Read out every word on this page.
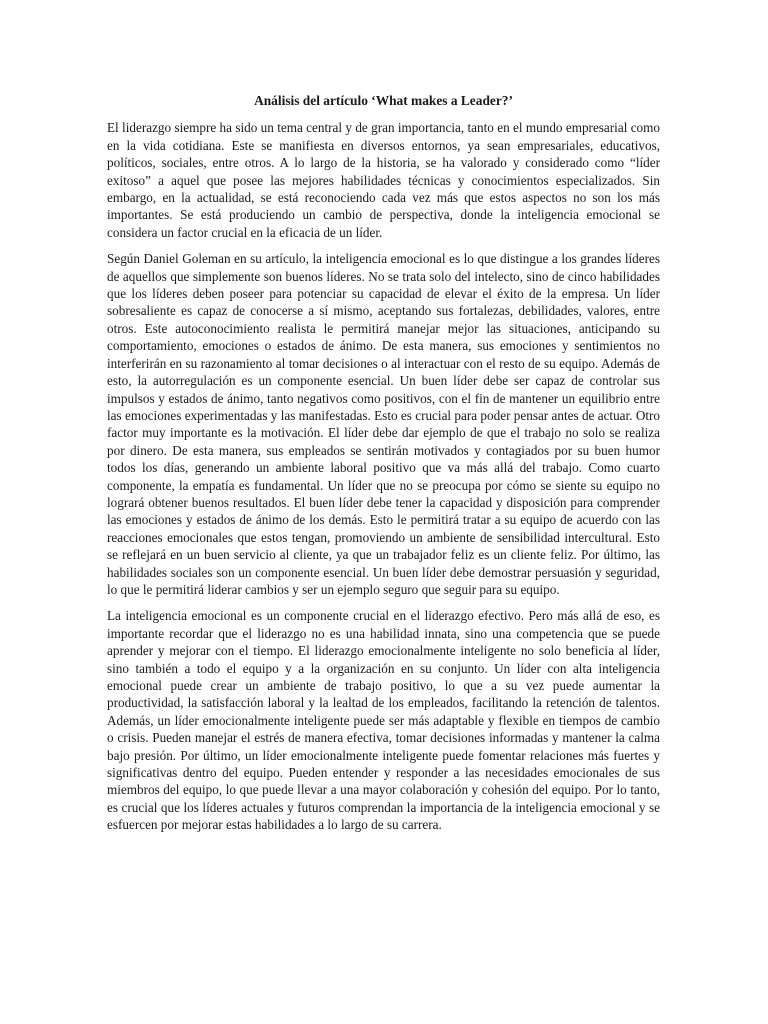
Análisis del artículo ‘What makes a Leader?’

El liderazgo siempre ha sido un tema central y de gran importancia, tanto en el mundo empresarial como en la vida cotidiana. Este se manifiesta en diversos entornos, ya sean empresariales, educativos, políticos, sociales, entre otros. A lo largo de la historia, se ha valorado y considerado como “líder exitoso” a aquel que posee las mejores habilidades técnicas y conocimientos especializados. Sin embargo, en la actualidad, se está reconociendo cada vez más que estos aspectos no son los más importantes. Se está produciendo un cambio de perspectiva, donde la inteligencia emocional se considera un factor crucial en la eficacia de un líder.

Según Daniel Goleman en su artículo, la inteligencia emocional es lo que distingue a los grandes líderes de aquellos que simplemente son buenos líderes. No se trata solo del intelecto, sino de cinco habilidades que los líderes deben poseer para potenciar su capacidad de elevar el éxito de la empresa. Un líder sobresaliente es capaz de conocerse a sí mismo, aceptando sus fortalezas, debilidades, valores, entre otros. Este autoconocimiento realista le permitirá manejar mejor las situaciones, anticipando su comportamiento, emociones o estados de ánimo. De esta manera, sus emociones y sentimientos no interferirán en su razonamiento al tomar decisiones o al interactuar con el resto de su equipo. Además de esto, la autorregulación es un componente esencial. Un buen líder debe ser capaz de controlar sus impulsos y estados de ánimo, tanto negativos como positivos, con el fin de mantener un equilibrio entre las emociones experimentadas y las manifestadas. Esto es crucial para poder pensar antes de actuar. Otro factor muy importante es la motivación. El líder debe dar ejemplo de que el trabajo no solo se realiza por dinero. De esta manera, sus empleados se sentirán motivados y contagiados por su buen humor todos los días, generando un ambiente laboral positivo que va más allá del trabajo. Como cuarto componente, la empatía es fundamental. Un líder que no se preocupa por cómo se siente su equipo no logrará obtener buenos resultados. El buen líder debe tener la capacidad y disposición para comprender las emociones y estados de ánimo de los demás. Esto le permitirá tratar a su equipo de acuerdo con las reacciones emocionales que estos tengan, promoviendo un ambiente de sensibilidad intercultural. Esto se reflejará en un buen servicio al cliente, ya que un trabajador feliz es un cliente feliz. Por último, las habilidades sociales son un componente esencial. Un buen líder debe demostrar persuasión y seguridad, lo que le permitirá liderar cambios y ser un ejemplo seguro que seguir para su equipo.

La inteligencia emocional es un componente crucial en el liderazgo efectivo. Pero más allá de eso, es importante recordar que el liderazgo no es una habilidad innata, sino una competencia que se puede aprender y mejorar con el tiempo. El liderazgo emocionalmente inteligente no solo beneficia al líder, sino también a todo el equipo y a la organización en su conjunto. Un líder con alta inteligencia emocional puede crear un ambiente de trabajo positivo, lo que a su vez puede aumentar la productividad, la satisfacción laboral y la lealtad de los empleados, facilitando la retención de talentos. Además, un líder emocionalmente inteligente puede ser más adaptable y flexible en tiempos de cambio o crisis. Pueden manejar el estrés de manera efectiva, tomar decisiones informadas y mantener la calma bajo presión. Por último, un líder emocionalmente inteligente puede fomentar relaciones más fuertes y significativas dentro del equipo. Pueden entender y responder a las necesidades emocionales de sus miembros del equipo, lo que puede llevar a una mayor colaboración y cohesión del equipo. Por lo tanto, es crucial que los líderes actuales y futuros comprendan la importancia de la inteligencia emocional y se esfuercen por mejorar estas habilidades a lo largo de su carrera.
